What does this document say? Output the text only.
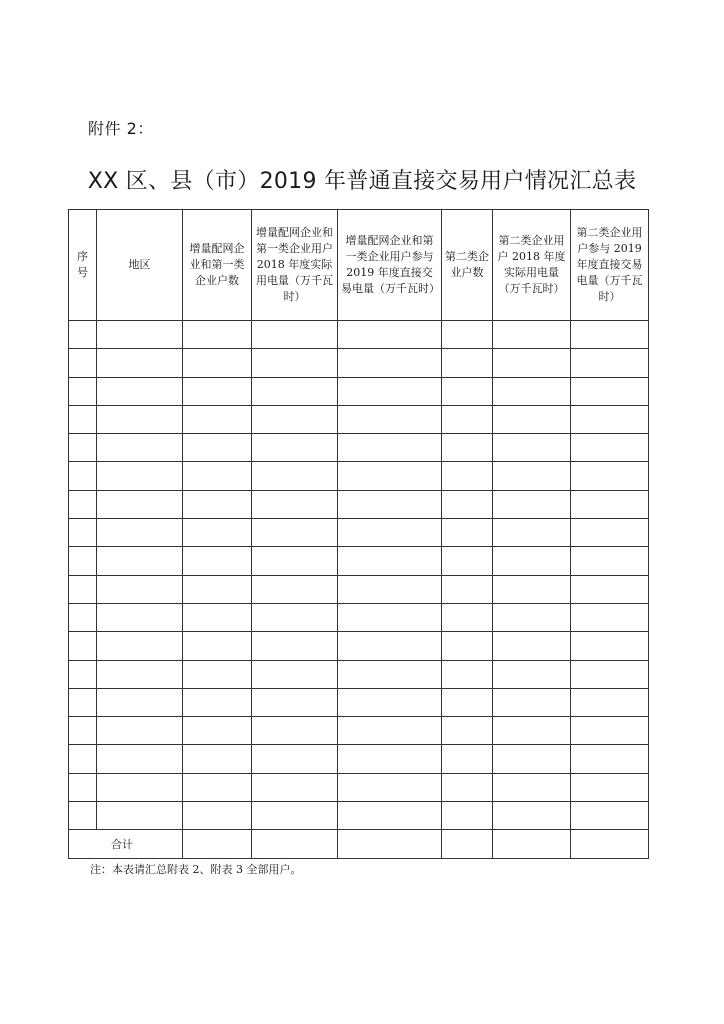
附件 2：
XX 区、县（市）2019 年普通直接交易用户情况汇总表
序号	地区	增量配网企业和第一类企业户数	增量配网企业和第一类企业用户 2018 年度实际用电量（万千瓦时）	增量配网企业和第一类企业用户参与 2019 年度直接交易电量（万千瓦时）	第二类企业户数	第二类企业用户 2018 年度实际用电量（万千瓦时）	第二类企业用户参与 2019 年度直接交易电量（万千瓦时）

合计							
注：本表请汇总附表 2、附表 3 全部用户。
